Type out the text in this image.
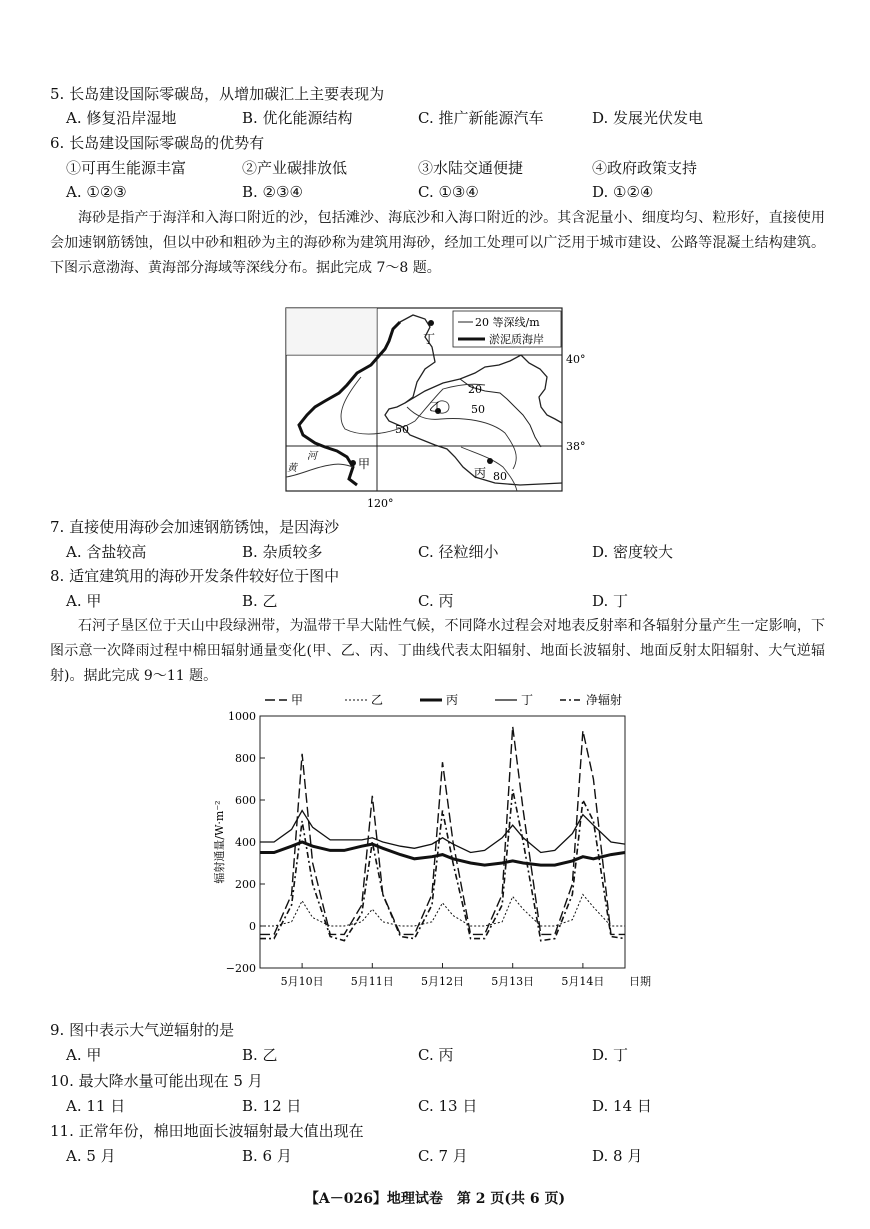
5. 长岛建设国际零碳岛，从增加碳汇上主要表现为
A. 修复沿岸湿地	B. 优化能源结构	C. 推广新能源汽车	D. 发展光伏发电
6. 长岛建设国际零碳岛的优势有
①可再生能源丰富	②产业碳排放低	③水陆交通便捷	④政府政策支持
A. ①②③	B. ②③④	C. ①③④	D. ①②④
海砂是指产于海洋和入海口附近的沙，包括滩沙、海底沙和入海口附近的沙。其含泥量小、细度均匀、粒形好，直接使用会加速钢筋锈蚀，但以中砂和粗砂为主的海砂称为建筑用海砂，经加工处理可以广泛用于城市建设、公路等混凝土结构建筑。下图示意渤海、黄海部分海域等深线分布。据此完成 7～8 题。
20 等深线/m
淤泥质海岸
丁
乙
甲
丙
20
50
50
80
黄
河
40°
38°
120°
7. 直接使用海砂会加速钢筋锈蚀，是因海沙
A. 含盐较高	B. 杂质较多	C. 径粒细小	D. 密度较大
8. 适宜建筑用的海砂开发条件较好位于图中
A. 甲	B. 乙	C. 丙	D. 丁
石河子垦区位于天山中段绿洲带，为温带干旱大陆性气候，不同降水过程会对地表反射率和各辐射分量产生一定影响，下图示意一次降雨过程中棉田辐射通量变化(甲、乙、丙、丁曲线代表太阳辐射、地面长波辐射、地面反射太阳辐射、大气逆辐射)。据此完成 9～11 题。
1000
800
600
400
200
0
−200
5月10日 5月11日 5月12日 5月13日 5月14日 日期
辐射通量/W·m⁻²
甲	乙	丙	丁	净辐射
9. 图中表示大气逆辐射的是
A. 甲	B. 乙	C. 丙	D. 丁
10. 最大降水量可能出现在 5 月
A. 11 日	B. 12 日	C. 13 日	D. 14 日
11. 正常年份，棉田地面长波辐射最大值出现在
A. 5 月	B. 6 月	C. 7 月	D. 8 月
【A－026】地理试卷　第 2 页(共 6 页)
